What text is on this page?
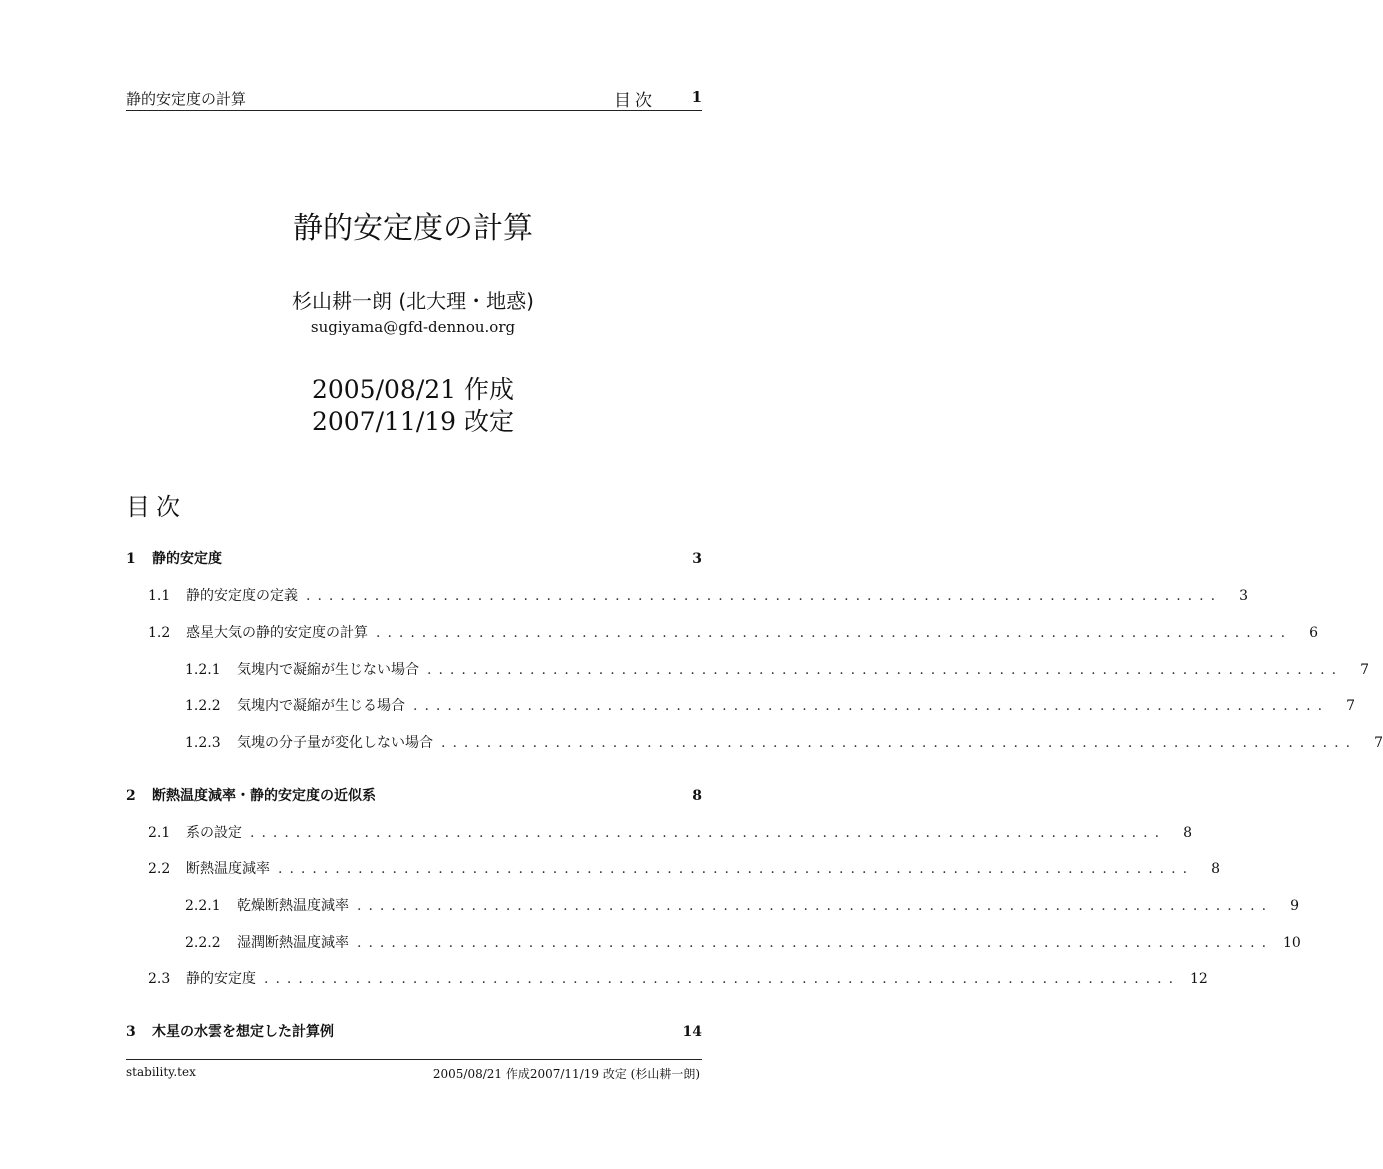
静的安定度の計算	目次 1
静的安定度の計算
杉山耕一朗 (北大理・地惑)
sugiyama@gfd-dennou.org
2005/08/21 作成
2007/11/19 改定
目次
1	静的安定度	3
1.1	静的安定度の定義 ................................................................................	3
1.2	惑星大気の静的安定度の計算 ................................................................................	6
1.2.1	気塊内で凝縮が生じない場合 ................................................................................	7
1.2.2	気塊内で凝縮が生じる場合 ................................................................................	7
1.2.3	気塊の分子量が変化しない場合 ................................................................................	7
2	断熱温度減率・静的安定度の近似系	8
2.1	系の設定 ................................................................................	8
2.2	断熱温度減率 ................................................................................	8
2.2.1	乾燥断熱温度減率 ................................................................................	9
2.2.2	湿潤断熱温度減率 ................................................................................ 10
2.3	静的安定度 ................................................................................ 12
3	木星の水雲を想定した計算例	14
stability.tex	2005/08/21 作成2007/11/19 改定 (杉山耕一朗)
